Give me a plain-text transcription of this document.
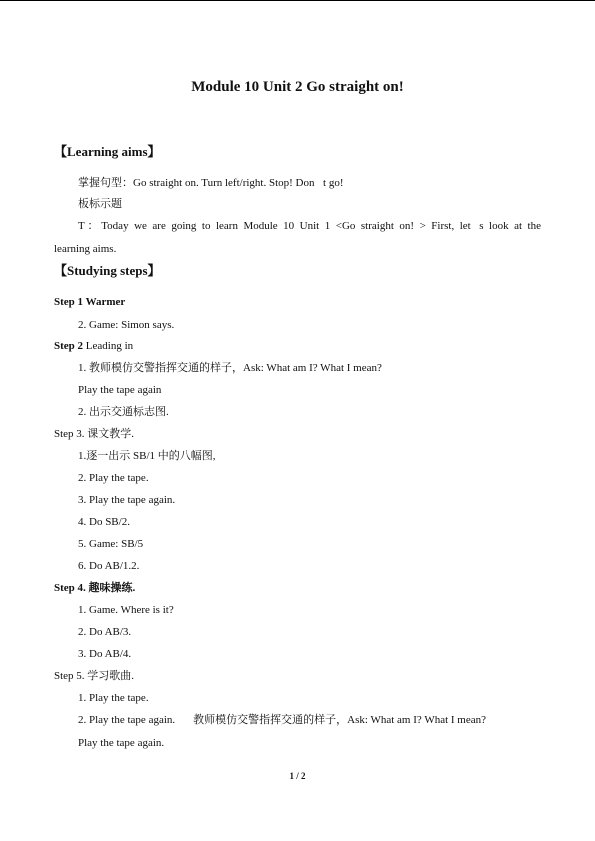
Module 10 Unit 2 Go straight on!
【Learning aims】
掌握句型：Go straight on. Turn left/right. Stop! Don t go!
板标示题
T：Today we are going to learn Module 10 Unit 1 <Go straight on! > First, let s look at the
learning aims.
【Studying steps】
Step 1 Warmer
2. Game: Simon says.
Step 2 Leading in
1. 教师模仿交警指挥交通的样子，Ask: What am I? What I mean?
Play the tape again
2. 出示交通标志图.
Step 3. 课文教学.
1.逐一出示 SB/1 中的八幅图,
2. Play the tape.
3. Play the tape again.
4. Do SB/2.
5. Game: SB/5
6. Do AB/1.2.
Step 4. 趣味操练.
1. Game. Where is it?
2. Do AB/3.
3. Do AB/4.
Step 5. 学习歌曲.
1. Play the tape.
2. Play the tape again. 教师模仿交警指挥交通的样子，Ask: What am I? What I mean?
Play the tape again.
1 / 2
